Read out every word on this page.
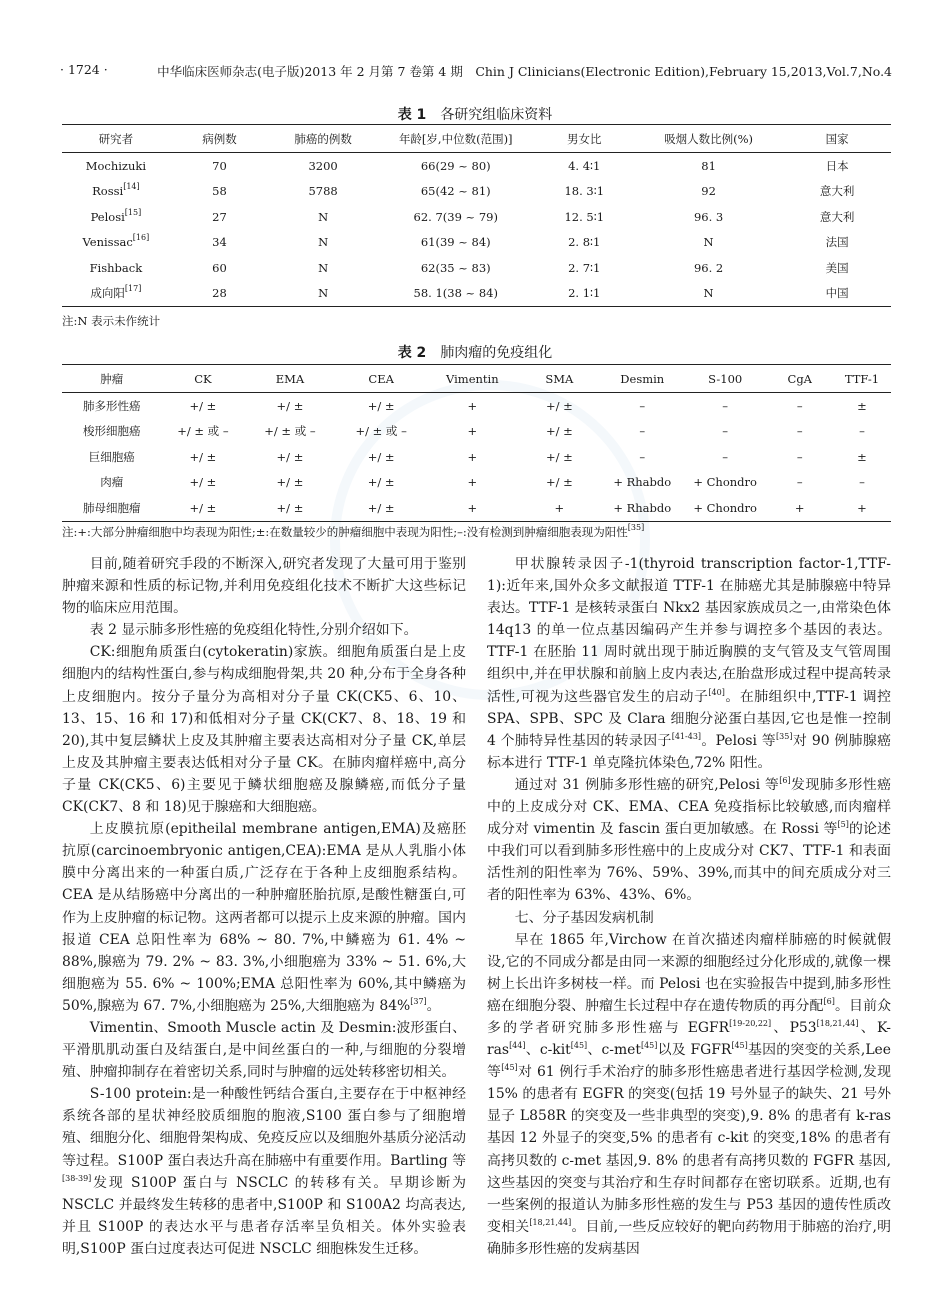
· 1724 ·	中华临床医师杂志(电子版)2013 年 2 月第 7 卷第 4 期　Chin J Clinicians(Electronic Edition),February 15,2013,Vol.7,No.4
表 1 各研究组临床资料
研究者	病例数	肺癌的例数	年龄[岁,中位数(范围)]	男女比	吸烟人数比例(%)	国家
Mochizuki	70	3200	66(29 ~ 80)	4. 4∶1	81	日本
Rossi[14]	58	5788	65(42 ~ 81)	18. 3∶1	92	意大利
Pelosi[15]	27	N	62. 7(39 ~ 79)	12. 5∶1	96. 3	意大利
Venissac[16]	34	N	61(39 ~ 84)	2. 8∶1	N	法国
Fishback	60	N	62(35 ~ 83)	2. 7∶1	96. 2	美国
成向阳[17]	28	N	58. 1(38 ~ 84)	2. 1∶1	N	中国
注:N 表示未作统计
表 2 肺肉瘤的免疫组化
肿瘤	CK	EMA	CEA	Vimentin	SMA	Desmin	S-100	CgA	TTF-1
肺多形性癌	+/ ±	+/ ±	+/ ±	+	+/ ±	–	–	–	±
梭形细胞癌	+/ ± 或 –	+/ ± 或 –	+/ ± 或 –	+	+/ ±	–	–	–	–
巨细胞癌	+/ ±	+/ ±	+/ ±	+	+/ ±	–	–	–	±
肉瘤	+/ ±	+/ ±	+/ ±	+	+/ ±	+ Rhabdo	+ Chondro	–	–
肺母细胞瘤	+/ ±	+/ ±	+/ ±	+	+	+ Rhabdo	+ Chondro	+	+
注:+:大部分肿瘤细胞中均表现为阳性;±:在数量较少的肿瘤细胞中表现为阳性;–:没有检测到肿瘤细胞表现为阳性[35]

目前,随着研究手段的不断深入,研究者发现了大量可用于鉴别肿瘤来源和性质的标记物,并利用免疫组化技术不断扩大这些标记物的临床应用范围。

表 2 显示肺多形性癌的免疫组化特性,分别介绍如下。

CK:细胞角质蛋白(cytokeratin)家族。细胞角质蛋白是上皮细胞内的结构性蛋白,参与构成细胞骨架,共 20 种,分布于全身各种上皮细胞内。按分子量分为高相对分子量 CK(CK5、6、10、13、15、16 和 17)和低相对分子量 CK(CK7、8、18、19 和 20),其中复层鳞状上皮及其肿瘤主要表达高相对分子量 CK,单层上皮及其肿瘤主要表达低相对分子量 CK。在肺肉瘤样癌中,高分子量 CK(CK5、6)主要见于鳞状细胞癌及腺鳞癌,而低分子量 CK(CK7、8 和 18)见于腺癌和大细胞癌。

上皮膜抗原(epitheilal membrane antigen,EMA)及癌胚抗原(carcinoembryonic antigen,CEA):EMA 是从人乳脂小体膜中分离出来的一种蛋白质,广泛存在于各种上皮细胞系结构。CEA 是从结肠癌中分离出的一种肿瘤胚胎抗原,是酸性糖蛋白,可作为上皮肿瘤的标记物。这两者都可以提示上皮来源的肿瘤。国内报道 CEA 总阳性率为 68% ~ 80. 7%,中鳞癌为 61. 4% ~ 88%,腺癌为 79. 2% ~ 83. 3%,小细胞癌为 33% ~ 51. 6%,大细胞癌为 55. 6% ~ 100%;EMA 总阳性率为 60%,其中鳞癌为 50%,腺癌为 67. 7%,小细胞癌为 25%,大细胞癌为 84%[37]。

Vimentin、Smooth Muscle actin 及 Desmin:波形蛋白、平滑肌肌动蛋白及结蛋白,是中间丝蛋白的一种,与细胞的分裂增殖、肿瘤抑制存在着密切关系,同时与肿瘤的远处转移密切相关。

S-100 protein:是一种酸性钙结合蛋白,主要存在于中枢神经系统各部的星状神经胶质细胞的胞液,S100 蛋白参与了细胞增殖、细胞分化、细胞骨架构成、免疫反应以及细胞外基质分泌活动等过程。S100P 蛋白表达升高在肺癌中有重要作用。Bartling 等[38-39]发现 S100P 蛋白与 NSCLC 的转移有关。早期诊断为 NSCLC 并最终发生转移的患者中,S100P 和 S100A2 均高表达,并且 S100P 的表达水平与患者存活率呈负相关。体外实验表明,S100P 蛋白过度表达可促进 NSCLC 细胞株发生迁移。

甲状腺转录因子-1(thyroid transcription factor-1,TTF-1):近年来,国外众多文献报道 TTF-1 在肺癌尤其是肺腺癌中特异表达。TTF-1 是核转录蛋白 Nkx2 基因家族成员之一,由常染色体 14q13 的单一位点基因编码产生并参与调控多个基因的表达。TTF-1 在胚胎 11 周时就出现于肺近胸膜的支气管及支气管周围组织中,并在甲状腺和前脑上皮内表达,在胎盘形成过程中提高转录活性,可视为这些器官发生的启动子[40]。在肺组织中,TTF-1 调控 SPA、SPB、SPC 及 Clara 细胞分泌蛋白基因,它也是惟一控制 4 个肺特异性基因的转录因子[41-43]。Pelosi 等[35]对 90 例肺腺癌标本进行 TTF-1 单克隆抗体染色,72% 阳性。

通过对 31 例肺多形性癌的研究,Pelosi 等[6]发现肺多形性癌中的上皮成分对 CK、EMA、CEA 免疫指标比较敏感,而肉瘤样成分对 vimentin 及 fascin 蛋白更加敏感。在 Rossi 等[5]的论述中我们可以看到肺多形性癌中的上皮成分对 CK7、TTF-1 和表面活性剂的阳性率为 76%、59%、39%,而其中的间充质成分对三者的阳性率为 63%、43%、6%。

七、分子基因发病机制

早在 1865 年,Virchow 在首次描述肉瘤样肺癌的时候就假设,它的不同成分都是由同一来源的细胞经过分化形成的,就像一棵树上长出许多树枝一样。而 Pelosi 也在实验报告中提到,肺多形性癌在细胞分裂、肿瘤生长过程中存在遗传物质的再分配[6]。目前众多的学者研究肺多形性癌与 EGFR[19-20,22]、P53[18,21,44]、K-ras[44]、c-kit[45]、c-met[45]以及 FGFR[45]基因的突变的关系,Lee 等[45]对 61 例行手术治疗的肺多形性癌患者进行基因学检测,发现 15% 的患者有 EGFR 的突变(包括 19 号外显子的缺失、21 号外显子 L858R 的突变及一些非典型的突变),9. 8% 的患者有 k-ras 基因 12 外显子的突变,5% 的患者有 c-kit 的突变,18% 的患者有高拷贝数的 c-met 基因,9. 8% 的患者有高拷贝数的 FGFR 基因,这些基因的突变与其治疗和生存时间都存在密切联系。近期,也有一些案例的报道认为肺多形性癌的发生与 P53 基因的遗传性质改变相关[18,21,44]。目前,一些反应较好的靶向药物用于肺癌的治疗,明确肺多形性癌的发病基因
